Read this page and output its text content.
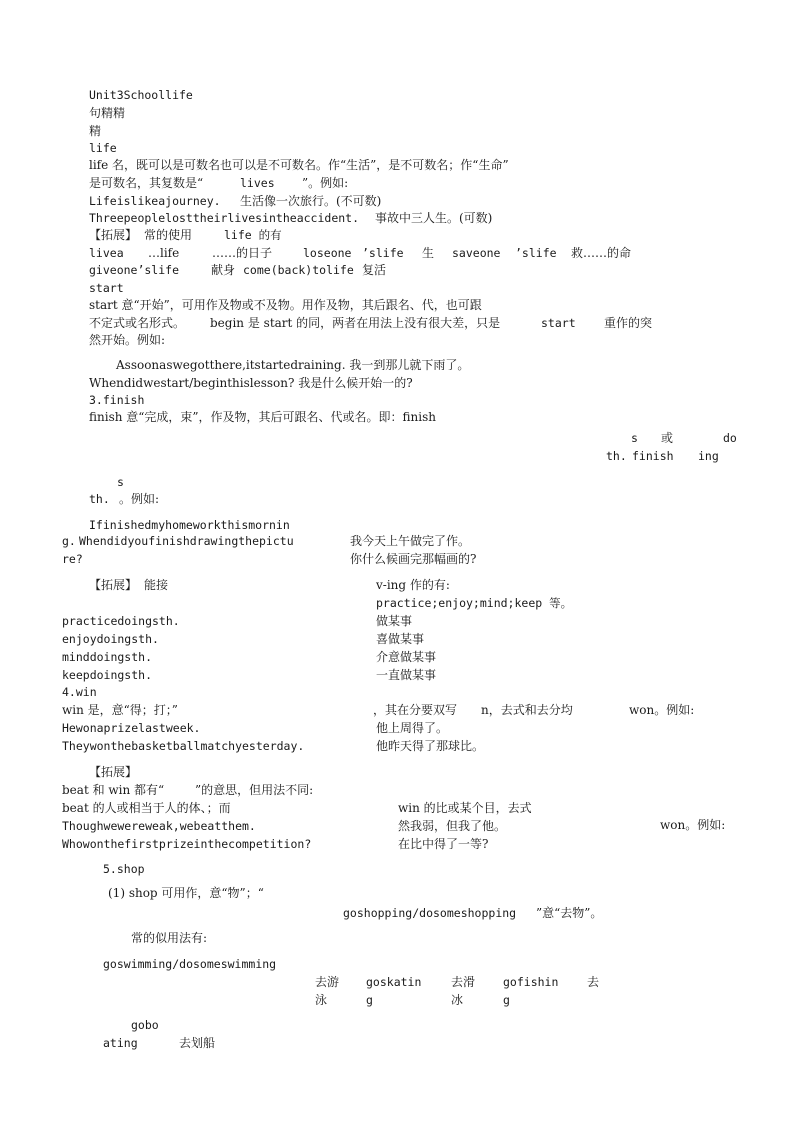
Unit3Schoollife
句精精
精
life
life 名，既可以是可数名也可以是不可数名。作“生活”，是不可数名；作“生命”
是可数名，其复数是“	lives ”。例如:
Lifeislikeajourney. 生活像一次旅行。(不可数)
Threepeoplelosttheirlivesintheaccident. 事故中三人生。(可数)
【拓展】 常的使用	life 的有
livea …life	……的日子	loseone ’slife 生 saveone ’slife 救……的命
giveone’slife	献身 come(back)tolife 复活
start
start 意“开始”，可用作及物或不及物。用作及物，其后跟名、代，也可跟
不定式或名形式。 begin 是 start 的同，两者在用法上没有很大差，只是	start 重作的突
然开始。例如:
Assoonaswegotthere,itstartedraining. 我一到那儿就下雨了。
Whendidwestart/beginthislesson? 我是什么候开始一的?
3.finish
finish 意“完成，束”，作及物，其后可跟名、代或名。即：finish
s 或	do
th. finish ing
s
th. 。例如:
Ifinishedmyhomeworkthismornin
g.	我今天上午做完了作。
Whendidyoufinishdrawingthepictu
re?	你什么候画完那幅画的?
【拓展】 能接	v-ing 作的有:
practice;enjoy;mind;keep 等。
practicedoingsth.	做某事
enjoydoingsth.	喜做某事
minddoingsth.	介意做某事
keepdoingsth.	一直做某事
4.win
win 是，意“得；打；”	，其在分要双写 n，去式和去分均	won。例如:
Hewonaprizelastweek.	他上周得了。
Theywonthebasketballmatchyesterday.	他昨天得了那球比。
【拓展】
beat 和 win 都有“	”的意思，但用法不同:
beat 的人或相当于人的体、；而	win 的比或某个目，去式
won。例如:
Thoughwewereweak,webeatthem.	然我弱，但我了他。
Whowonthefirstprizeinthecompetition?	在比中得了一等?
5.shop
(1) shop 可用作，意“物”；“
goshopping/dosomeshopping ”意“去物”。
常的似用法有:
goswimming/dosomeswimming
去游
泳
goskatin
g
去滑
冰
gofishin
g
去
gobo
ating	去划船
